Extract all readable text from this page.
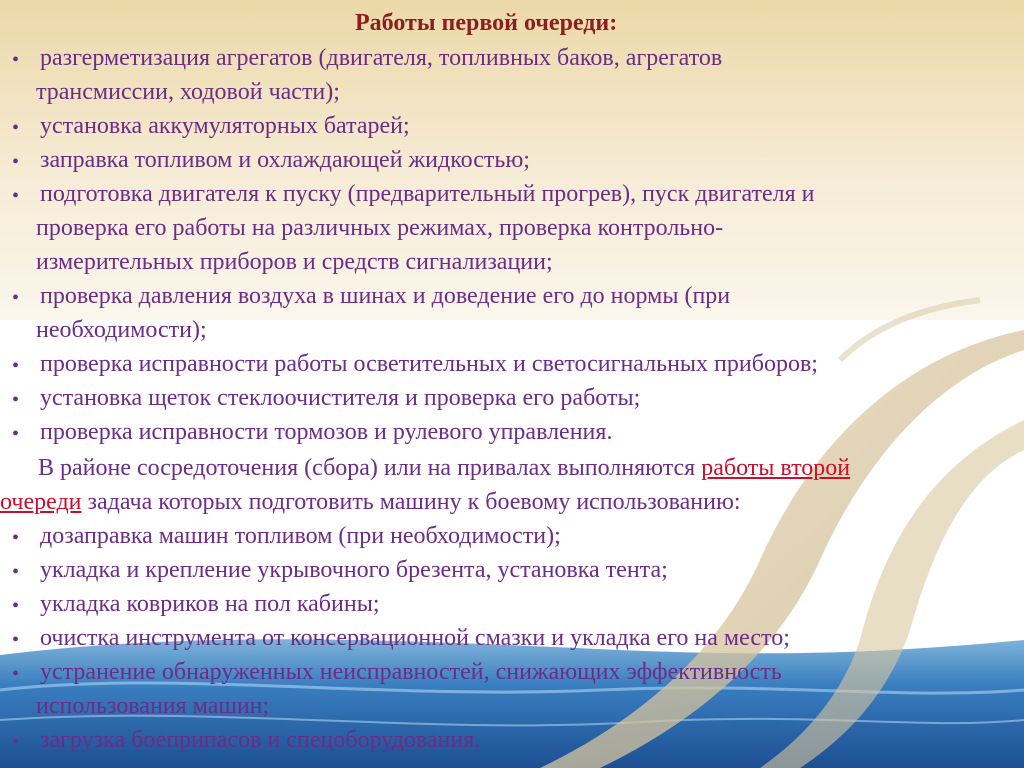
Работы первой очереди:
• разгерметизация агрегатов (двигателя, топливных баков, агрегатов
трансмиссии, ходовой части);
• установка аккумуляторных батарей;
• заправка топливом и охлаждающей жидкостью;
• подготовка двигателя к пуску (предварительный прогрев), пуск двигателя и
проверка его работы на различных режимах, проверка контрольно-
измерительных приборов и средств сигнализации;
• проверка давления воздуха в шинах и доведение его до нормы (при
необходимости);
• проверка исправности работы осветительных и светосигнальных приборов;
• установка щеток стеклоочистителя и проверка его работы;
• проверка исправности тормозов и рулевого управления.
В районе сосредоточения (сбора) или на привалах выполняются работы второй
очереди задача которых подготовить машину к боевому использованию:
• дозаправка машин топливом (при необходимости);
• укладка и крепление укрывочного брезента, установка тента;
• укладка ковриков на пол кабины;
• очистка инструмента от консервационной смазки и укладка его на место;
• устранение обнаруженных неисправностей, снижающих эффективность
использования машин;
• загрузка боеприпасов и спецоборудования.
